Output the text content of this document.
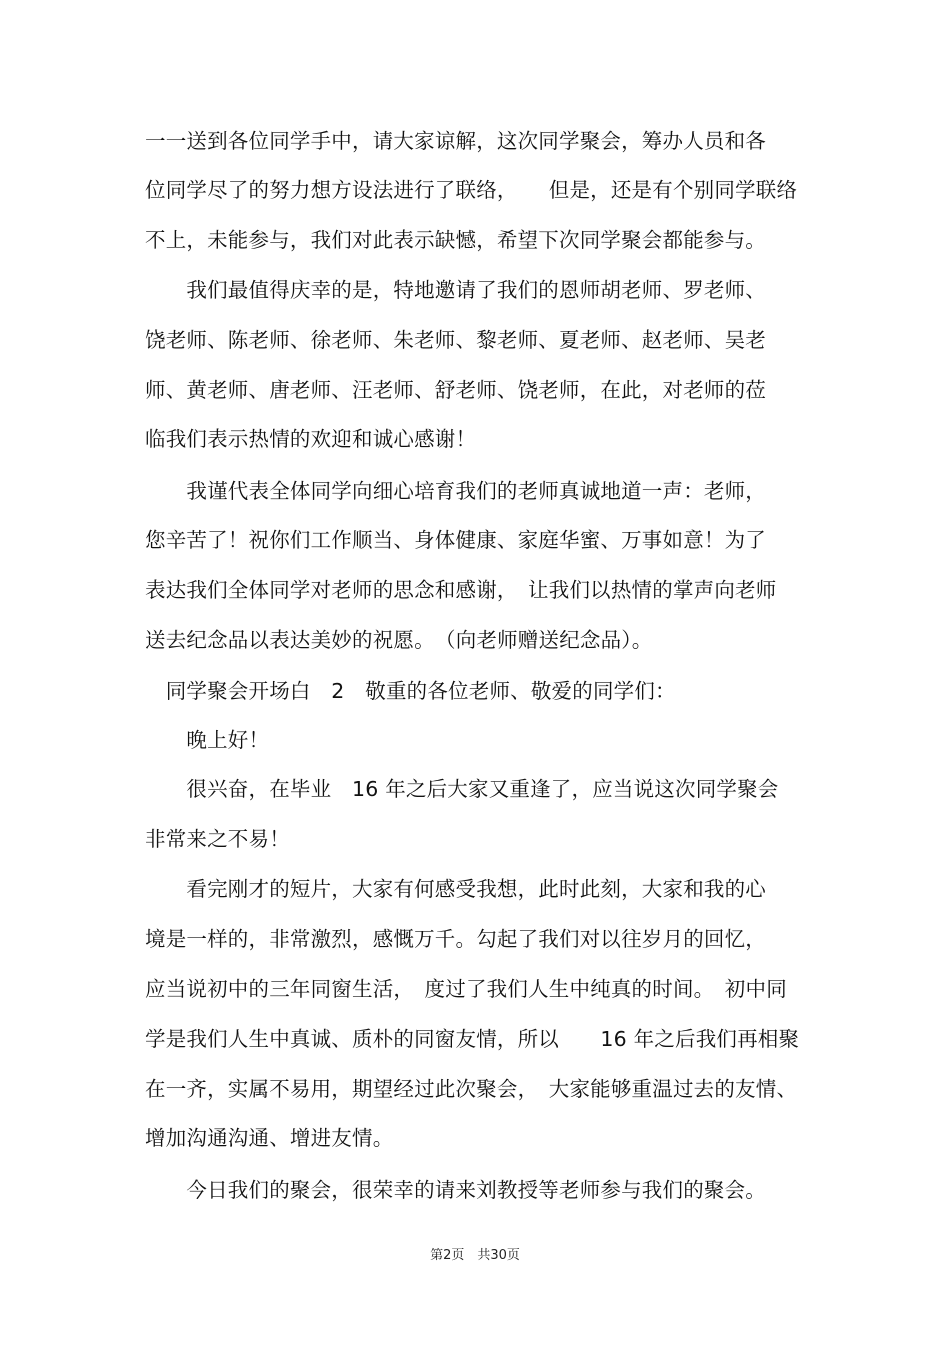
一一送到各位同学手中，请大家谅解，这次同学聚会，筹办人员和各
位同学尽了的努力想方设法进行了联络，　　但是，还是有个别同学联络
不上，未能参与，我们对此表示缺憾，希望下次同学聚会都能参与。
　　我们最值得庆幸的是，特地邀请了我们的恩师胡老师、罗老师、
饶老师、陈老师、徐老师、朱老师、黎老师、夏老师、赵老师、吴老
师、黄老师、唐老师、汪老师、舒老师、饶老师，在此，对老师的莅
临我们表示热情的欢迎和诚心感谢！
　　我谨代表全体同学向细心培育我们的老师真诚地道一声：老师，
您辛苦了！祝你们工作顺当、身体健康、家庭华蜜、万事如意！为了
表达我们全体同学对老师的思念和感谢，　让我们以热情的掌声向老师
送去纪念品以表达美妙的祝愿。　（向老师赠送纪念品）。
　同学聚会开场白　2　敬重的各位老师、敬爱的同学们：
　　晚上好！
　　很兴奋，在毕业　16 年之后大家又重逢了，应当说这次同学聚会
非常来之不易！
　　看完刚才的短片，大家有何感受我想，此时此刻，大家和我的心
境是一样的，非常激烈，感慨万千。勾起了我们对以往岁月的回忆，
应当说初中的三年同窗生活，　度过了我们人生中纯真的时间。　初中同
学是我们人生中真诚、质朴的同窗友情，所以　　16 年之后我们再相聚
在一齐，实属不易用，期望经过此次聚会，　大家能够重温过去的友情、
增加沟通沟通、增进友情。
　　今日我们的聚会，很荣幸的请来刘教授等老师参与我们的聚会。
第2页　共30页
